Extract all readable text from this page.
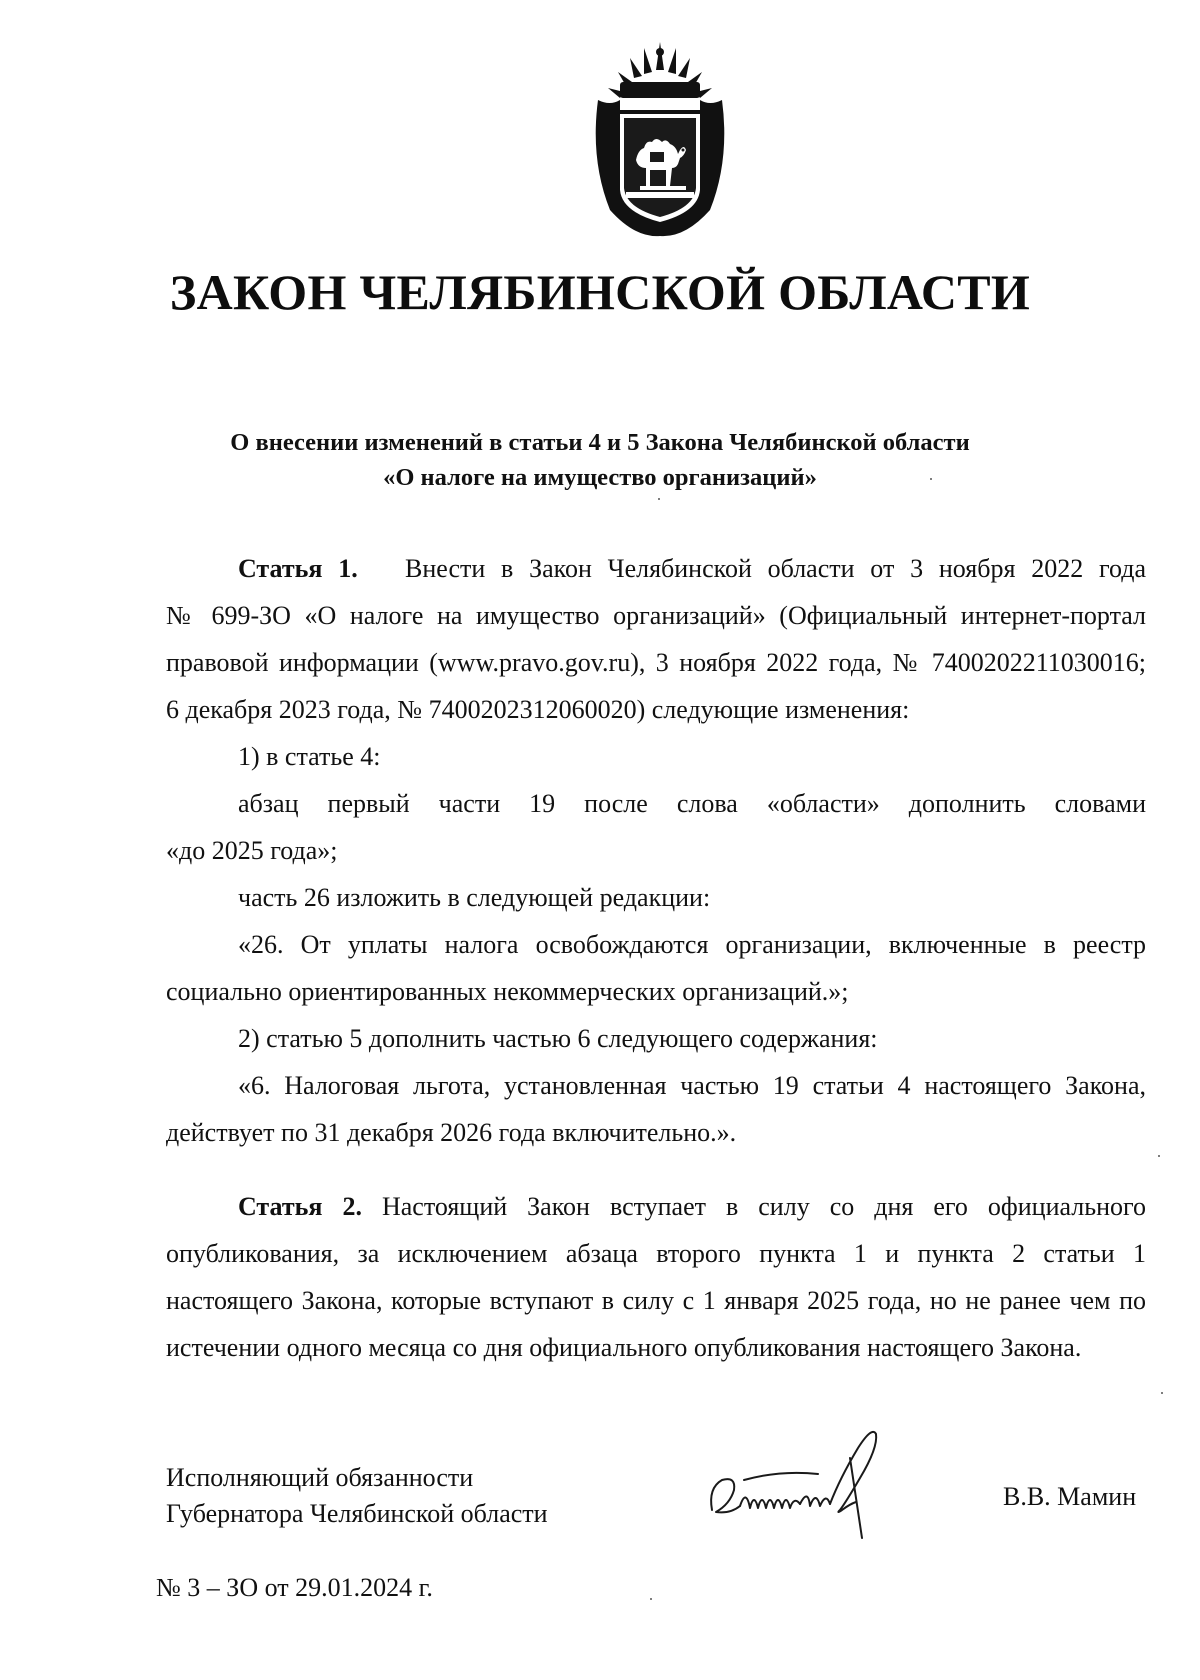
ЗАКОН ЧЕЛЯБИНСКОЙ ОБЛАСТИ
О внесении изменений в статьи 4 и 5 Закона Челябинской области
«О налоге на имущество организаций»

Статья 1. Внести в Закон Челябинской области от 3 ноября 2022 года

№ 699-ЗО «О налоге на имущество организаций» (Официальный интернет-портал

правовой информации (www.pravo.gov.ru), 3 ноября 2022 года, № 7400202211030016;

6 декабря 2023 года, № 7400202312060020) следующие изменения:

1) в статье 4:

абзац первый части 19 после слова «области» дополнить словами

«до 2025 года»;

часть 26 изложить в следующей редакции:

«26. От уплаты налога освобождаются организации, включенные в реестр

социально ориентированных некоммерческих организаций.»;

2) статью 5 дополнить частью 6 следующего содержания:

«6. Налоговая льгота, установленная частью 19 статьи 4 настоящего Закона,

действует по 31 декабря 2026 года включительно.».

Статья 2. Настоящий Закон вступает в силу со дня его официального

опубликования, за исключением абзаца второго пункта 1 и пункта 2 статьи 1

настоящего Закона, которые вступают в силу с 1 января 2025 года, но не ранее чем по

истечении одного месяца со дня официального опубликования настоящего Закона.

Исполняющий обязанности
Губернатора Челябинской области
В.В. Мамин
№ 3 – ЗО от 29.01.2024 г.
